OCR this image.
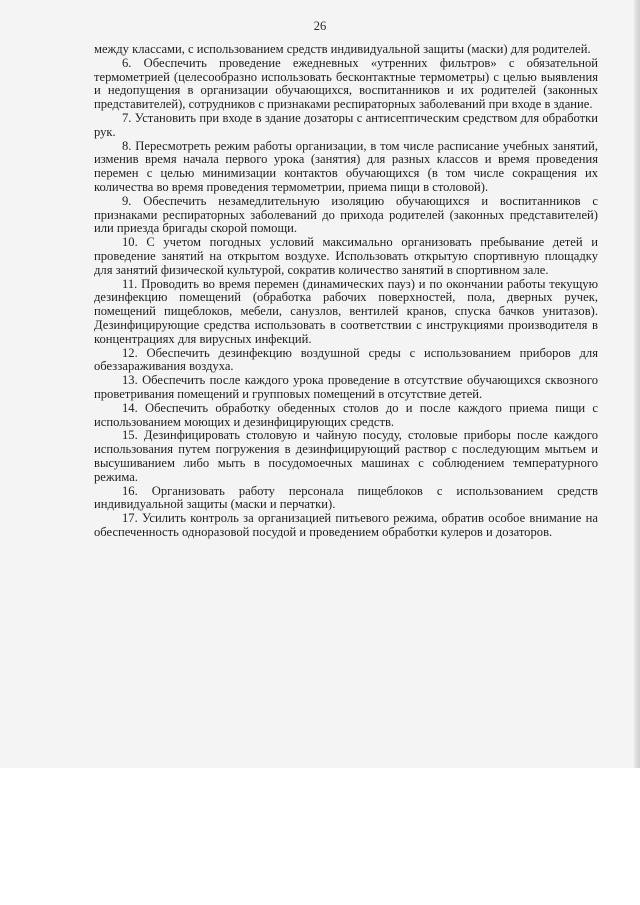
26

между классами, с использованием средств индивидуальной защиты (маски) для родителей.

6. Обеспечить проведение ежедневных «утренних фильтров» с обязательной термометрией (целесообразно использовать бесконтактные термометры) с целью выявления и недопущения в организации обучающихся, воспитанников и их родителей (законных представителей), сотрудников с признаками респираторных заболеваний при входе в здание.

7. Установить при входе в здание дозаторы с антисептическим средством для обработки рук.

8. Пересмотреть режим работы организации, в том числе расписание учебных занятий, изменив время начала первого урока (занятия) для разных классов и время проведения перемен с целью минимизации контактов обучающихся (в том числе сокращения их количества во время проведения термометрии, приема пищи в столовой).

9. Обеспечить незамедлительную изоляцию обучающихся и воспитанников с признаками респираторных заболеваний до прихода родителей (законных представителей) или приезда бригады скорой помощи.

10. С учетом погодных условий максимально организовать пребывание детей и проведение занятий на открытом воздухе. Использовать открытую спортивную площадку для занятий физической культурой, сократив количество занятий в спортивном зале.

11. Проводить во время перемен (динамических пауз) и по окончании работы текущую дезинфекцию помещений (обработка рабочих поверхностей, пола, дверных ручек, помещений пищеблоков, мебели, санузлов, вентилей кранов, спуска бачков унитазов). Дезинфицирующие средства использовать в соответствии с инструкциями производителя в концентрациях для вирусных инфекций.

12. Обеспечить дезинфекцию воздушной среды с использованием приборов для обеззараживания воздуха.

13. Обеспечить после каждого урока проведение в отсутствие обучающихся сквозного проветривания помещений и групповых помещений в отсутствие детей.

14. Обеспечить обработку обеденных столов до и после каждого приема пищи с использованием моющих и дезинфицирующих средств.

15. Дезинфицировать столовую и чайную посуду, столовые приборы после каждого использования путем погружения в дезинфицирующий раствор с последующим мытьем и высушиванием либо мыть в посудомоечных машинах с соблюдением температурного режима.

16. Организовать работу персонала пищеблоков с использованием средств индивидуальной защиты (маски и перчатки).

17. Усилить контроль за организацией питьевого режима, обратив особое внимание на обеспеченность одноразовой посудой и проведением обработки кулеров и дозаторов.
